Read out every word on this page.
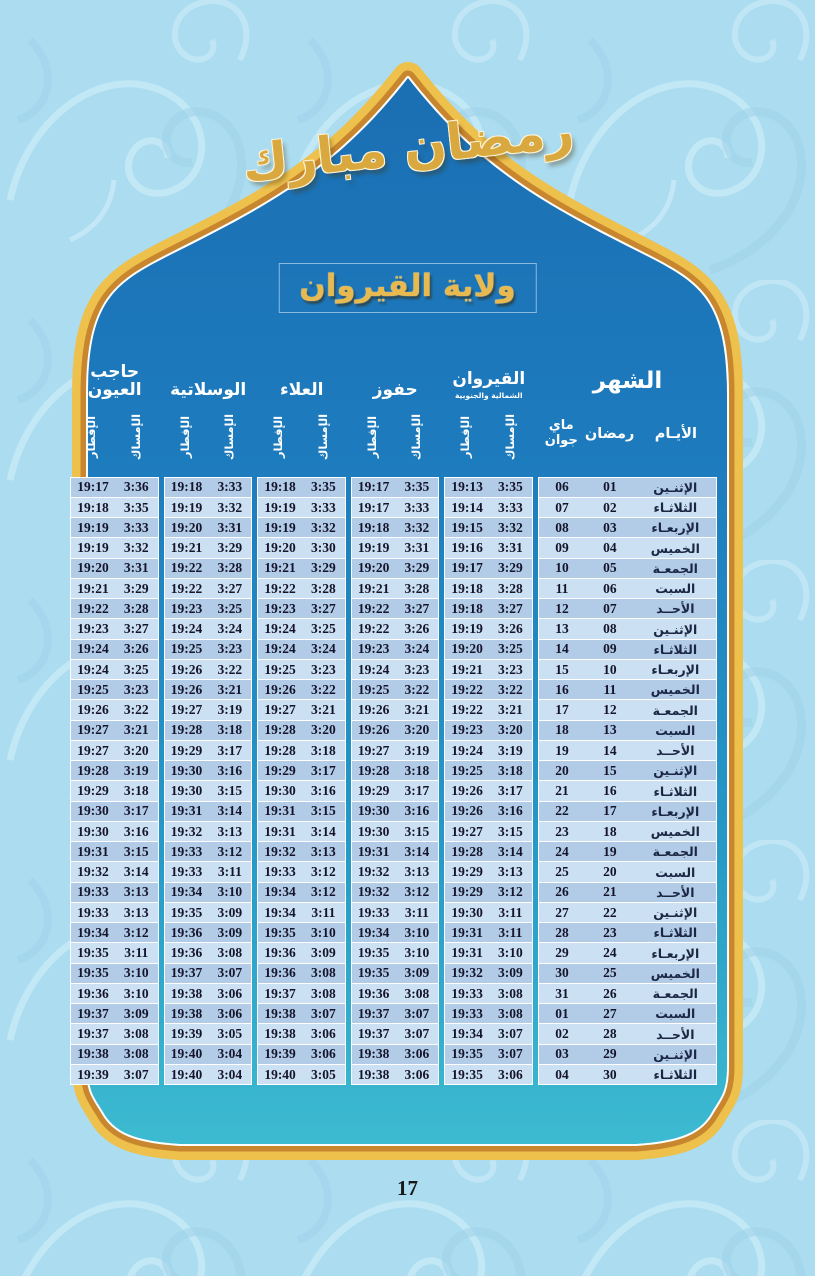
رمضان مبارك
ولاية القيروان
الشهر
الأيـام
رمضان
ماي
جوان
الإثنـين
01
06
الثلاثـاء
02
07
الإربعـاء
03
08
الخميس
04
09
الجمعـة
05
10
السبت
06
11
الأحــد
07
12
الإثنـين
08
13
الثلاثـاء
09
14
الإربعـاء
10
15
الخميس
11
16
الجمعـة
12
17
السبت
13
18
الأحــد
14
19
الإثنـين
15
20
الثلاثـاء
16
21
الإربعـاء
17
22
الخميس
18
23
الجمعـة
19
24
السبت
20
25
الأحــد
21
26
الإثنـين
22
27
الثلاثـاء
23
28
الإربعـاء
24
29
الخميس
25
30
الجمعـة
26
31
السبت
27
01
الأحــد
28
02
الإثنـين
29
03
الثلاثـاء
30
04
القيروان
الشمالية والجنوبية
الإمساك
الإفطار
3:35
19:13
3:33
19:14
3:32
19:15
3:31
19:16
3:29
19:17
3:28
19:18
3:27
19:18
3:26
19:19
3:25
19:20
3:23
19:21
3:22
19:22
3:21
19:22
3:20
19:23
3:19
19:24
3:18
19:25
3:17
19:26
3:16
19:26
3:15
19:27
3:14
19:28
3:13
19:29
3:12
19:29
3:11
19:30
3:11
19:31
3:10
19:31
3:09
19:32
3:08
19:33
3:08
19:33
3:07
19:34
3:07
19:35
3:06
19:35
حفوز
الإمساك
الإفطار
3:35
19:17
3:33
19:17
3:32
19:18
3:31
19:19
3:29
19:20
3:28
19:21
3:27
19:22
3:26
19:22
3:24
19:23
3:23
19:24
3:22
19:25
3:21
19:26
3:20
19:26
3:19
19:27
3:18
19:28
3:17
19:29
3:16
19:30
3:15
19:30
3:14
19:31
3:13
19:32
3:12
19:32
3:11
19:33
3:10
19:34
3:10
19:35
3:09
19:35
3:08
19:36
3:07
19:37
3:07
19:37
3:06
19:38
3:06
19:38
العلاء
الإمساك
الإفطار
3:35
19:18
3:33
19:19
3:32
19:19
3:30
19:20
3:29
19:21
3:28
19:22
3:27
19:23
3:25
19:24
3:24
19:24
3:23
19:25
3:22
19:26
3:21
19:27
3:20
19:28
3:18
19:28
3:17
19:29
3:16
19:30
3:15
19:31
3:14
19:31
3:13
19:32
3:12
19:33
3:12
19:34
3:11
19:34
3:10
19:35
3:09
19:36
3:08
19:36
3:08
19:37
3:07
19:38
3:06
19:38
3:06
19:39
3:05
19:40
الوسلاتية
الإمساك
الإفطار
3:33
19:18
3:32
19:19
3:31
19:20
3:29
19:21
3:28
19:22
3:27
19:22
3:25
19:23
3:24
19:24
3:23
19:25
3:22
19:26
3:21
19:26
3:19
19:27
3:18
19:28
3:17
19:29
3:16
19:30
3:15
19:30
3:14
19:31
3:13
19:32
3:12
19:33
3:11
19:33
3:10
19:34
3:09
19:35
3:09
19:36
3:08
19:36
3:07
19:37
3:06
19:38
3:06
19:38
3:05
19:39
3:04
19:40
3:04
19:40
حاجب العيون
الإمساك
الإفطار
3:36
19:17
3:35
19:18
3:33
19:19
3:32
19:19
3:31
19:20
3:29
19:21
3:28
19:22
3:27
19:23
3:26
19:24
3:25
19:24
3:23
19:25
3:22
19:26
3:21
19:27
3:20
19:27
3:19
19:28
3:18
19:29
3:17
19:30
3:16
19:30
3:15
19:31
3:14
19:32
3:13
19:33
3:13
19:33
3:12
19:34
3:11
19:35
3:10
19:35
3:10
19:36
3:09
19:37
3:08
19:37
3:08
19:38
3:07
19:39
17
